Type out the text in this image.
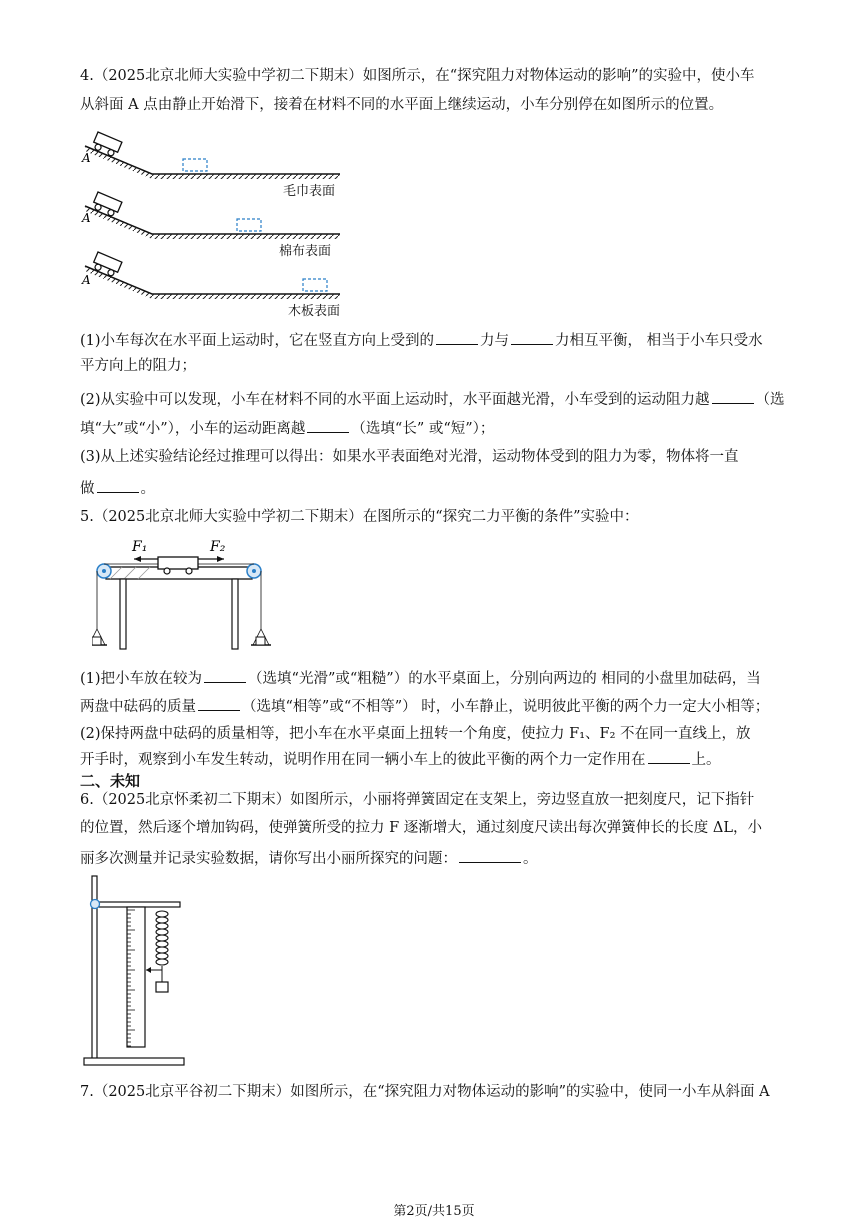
4.（2025北京北师大实验中学初二下期末）如图所示，在“探究阻力对物体运动的影响”的实验中，使小车
从斜面 A 点由静止开始滑下，接着在材料不同的水平面上继续运动，小车分别停在如图所示的位置。
A
A
A
毛巾表面
棉布表面
木板表面
(1)小车每次在水平面上运动时，它在竖直方向上受到的	力与	力相互平衡， 相当于小车只受水
平方向上的阻力；
(2)从实验中可以发现，小车在材料不同的水平面上运动时，水平面越光滑，小车受到的运动阻力越	（选
填“大”或“小”），小车的运动距离越	（选填“长” 或“短”）；
(3)从上述实验结论经过推理可以得出：如果水平表面绝对光滑，运动物体受到的阻力为零，物体将一直
做	。
5.（2025北京北师大实验中学初二下期末）在图所示的“探究二力平衡的条件”实验中：
F₁	F₂
(1)把小车放在较为	（选填“光滑”或“粗糙”）的水平桌面上，分别向两边的 相同的小盘里加砝码，当
两盘中砝码的质量	（选填“相等”或“不相等”） 时，小车静止，说明彼此平衡的两个力一定大小相等；
(2)保持两盘中砝码的质量相等，把小车在水平桌面上扭转一个角度，使拉力 F₁、F₂ 不在同一直线上，放
开手时，观察到小车发生转动，说明作用在同一辆小车上的彼此平衡的两个力一定作用在	上。
二、未知
6.（2025北京怀柔初二下期末）如图所示，小丽将弹簧固定在支架上，旁边竖直放一把刻度尺，记下指针
的位置，然后逐个增加钩码，使弹簧所受的拉力 F 逐渐增大，通过刻度尺读出每次弹簧伸长的长度 ΔL，小
丽多次测量并记录实验数据，请你写出小丽所探究的问题：	。
7.（2025北京平谷初二下期末）如图所示，在“探究阻力对物体运动的影响”的实验中，使同一小车从斜面 A
第2页/共15页
